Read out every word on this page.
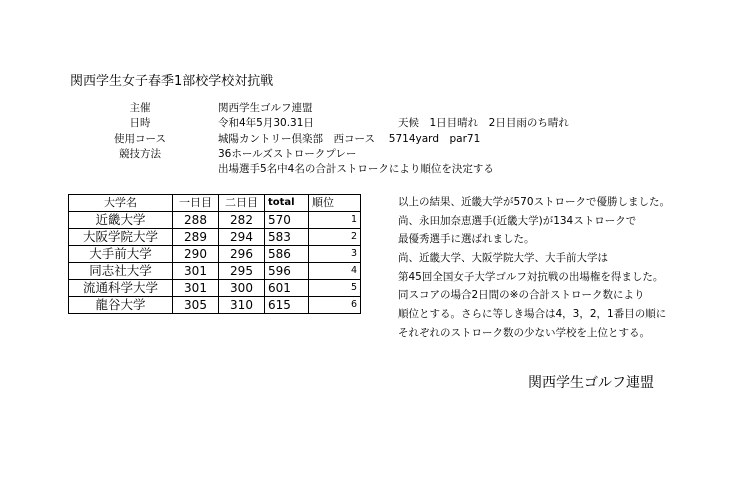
関西学生女子春季1部校学校対抗戦
主催	関西学生ゴルフ連盟
日時	令和4年5月30.31日	天候　1日目晴れ　2日目雨のち晴れ
使用コース	城陽カントリー倶楽部　西コース　 5714yard　par71
競技方法	36ホールズストロークプレー
出場選手5名中4名の合計ストロークにより順位を決定する
大学名	一日目	二日目	total	順位
近畿大学	288	282	570	1
大阪学院大学	289	294	583	2
大手前大学	290	296	586	3
同志社大学	301	295	596	4
流通科学大学	301	300	601	5
龍谷大学	305	310	615	6
以上の結果、近畿大学が570ストロークで優勝しました。
尚、永田加奈恵選手(近畿大学)が134ストロークで
最優秀選手に選ばれました。
尚、近畿大学、大阪学院大学、大手前大学は
第45回全国女子大学ゴルフ対抗戦の出場権を得ました。
同スコアの場合2日間の※の合計ストローク数により
順位とする。さらに等しき場合は4，3，2，1番目の順に
それぞれのストローク数の少ない学校を上位とする。
関西学生ゴルフ連盟
